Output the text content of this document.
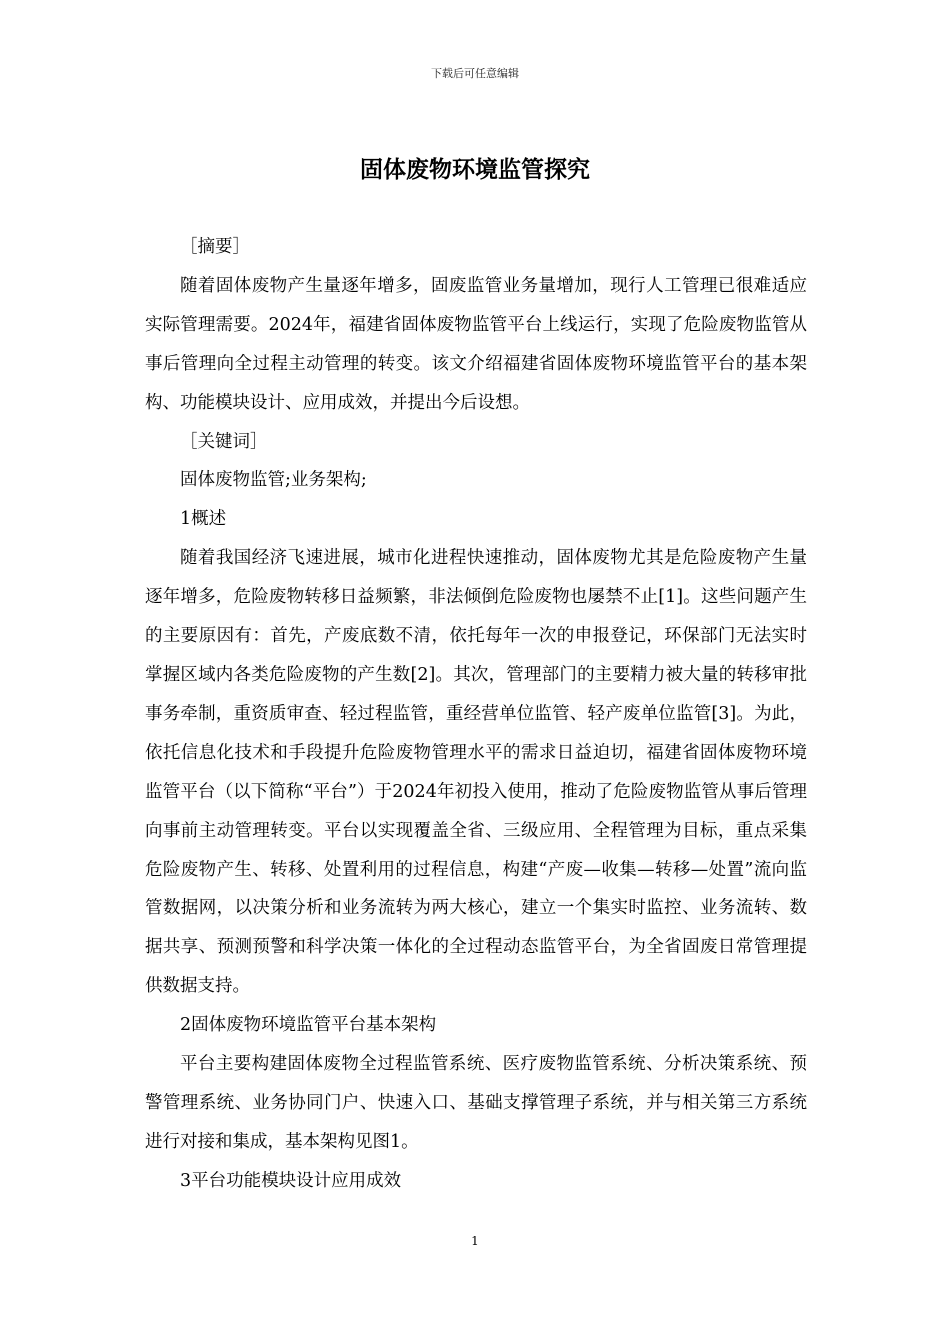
下载后可任意编辑
固体废物环境监管探究

［摘要］

随着固体废物产生量逐年增多，固废监管业务量增加，现行人工管理已很难适应实际管理需要。2024年，福建省固体废物监管平台上线运行，实现了危险废物监管从事后管理向全过程主动管理的转变。该文介绍福建省固体废物环境监管平台的基本架构、功能模块设计、应用成效，并提出今后设想。

［关键词］

固体废物监管;业务架构;

1概述

随着我国经济飞速进展，城市化进程快速推动，固体废物尤其是危险废物产生量逐年增多，危险废物转移日益频繁，非法倾倒危险废物也屡禁不止[1]。这些问题产生的主要原因有：首先，产废底数不清，依托每年一次的申报登记，环保部门无法实时掌握区域内各类危险废物的产生数[2]。其次，管理部门的主要精力被大量的转移审批事务牵制，重资质审查、轻过程监管，重经营单位监管、轻产废单位监管[3]。为此，依托信息化技术和手段提升危险废物管理水平的需求日益迫切，福建省固体废物环境监管平台（以下简称“平台”）于2024年初投入使用，推动了危险废物监管从事后管理向事前主动管理转变。平台以实现覆盖全省、三级应用、全程管理为目标，重点采集危险废物产生、转移、处置利用的过程信息，构建“产废—收集—转移—处置”流向监管数据网，以决策分析和业务流转为两大核心，建立一个集实时监控、业务流转、数据共享、预测预警和科学决策一体化的全过程动态监管平台，为全省固废日常管理提供数据支持。

2固体废物环境监管平台基本架构

平台主要构建固体废物全过程监管系统、医疗废物监管系统、分析决策系统、预警管理系统、业务协同门户、快速入口、基础支撑管理子系统，并与相关第三方系统进行对接和集成，基本架构见图1。

3平台功能模块设计应用成效

1
